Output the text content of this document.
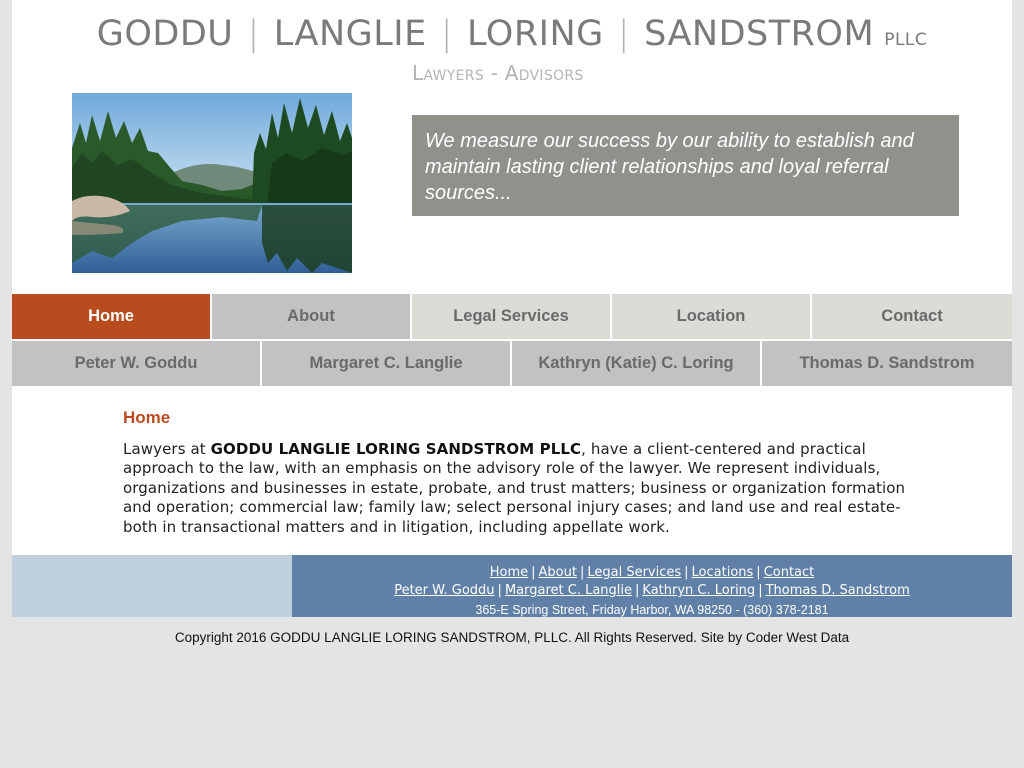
GODDU | LANGLIE | LORING | SANDSTROM PLLC
Lawyers - Advisors
We measure our success by our ability to establish and maintain lasting client relationships and loyal referral sources...
Home	About	Legal Services	Location	Contact
Peter W. Goddu	Margaret C. Langlie	Kathryn (Katie) C. Loring	Thomas D. Sandstrom
Home

Lawyers at GODDU LANGLIE LORING SANDSTROM PLLC, have a client-centered and practical approach to the law, with an emphasis on the advisory role of the lawyer. We represent individuals, organizations and businesses in estate, probate, and trust matters; business or organization formation and operation; commercial law; family law; select personal injury cases; and land use and real estate-both in transactional matters and in litigation, including appellate work.

Home | About | Legal Services | Locations | Contact
Peter W. Goddu | Margaret C. Langlie | Kathryn C. Loring | Thomas D. Sandstrom
365-E Spring Street, Friday Harbor, WA 98250 - (360) 378-2181
Copyright 2016 GODDU LANGLIE LORING SANDSTROM, PLLC. All Rights Reserved. Site by Coder West Data
